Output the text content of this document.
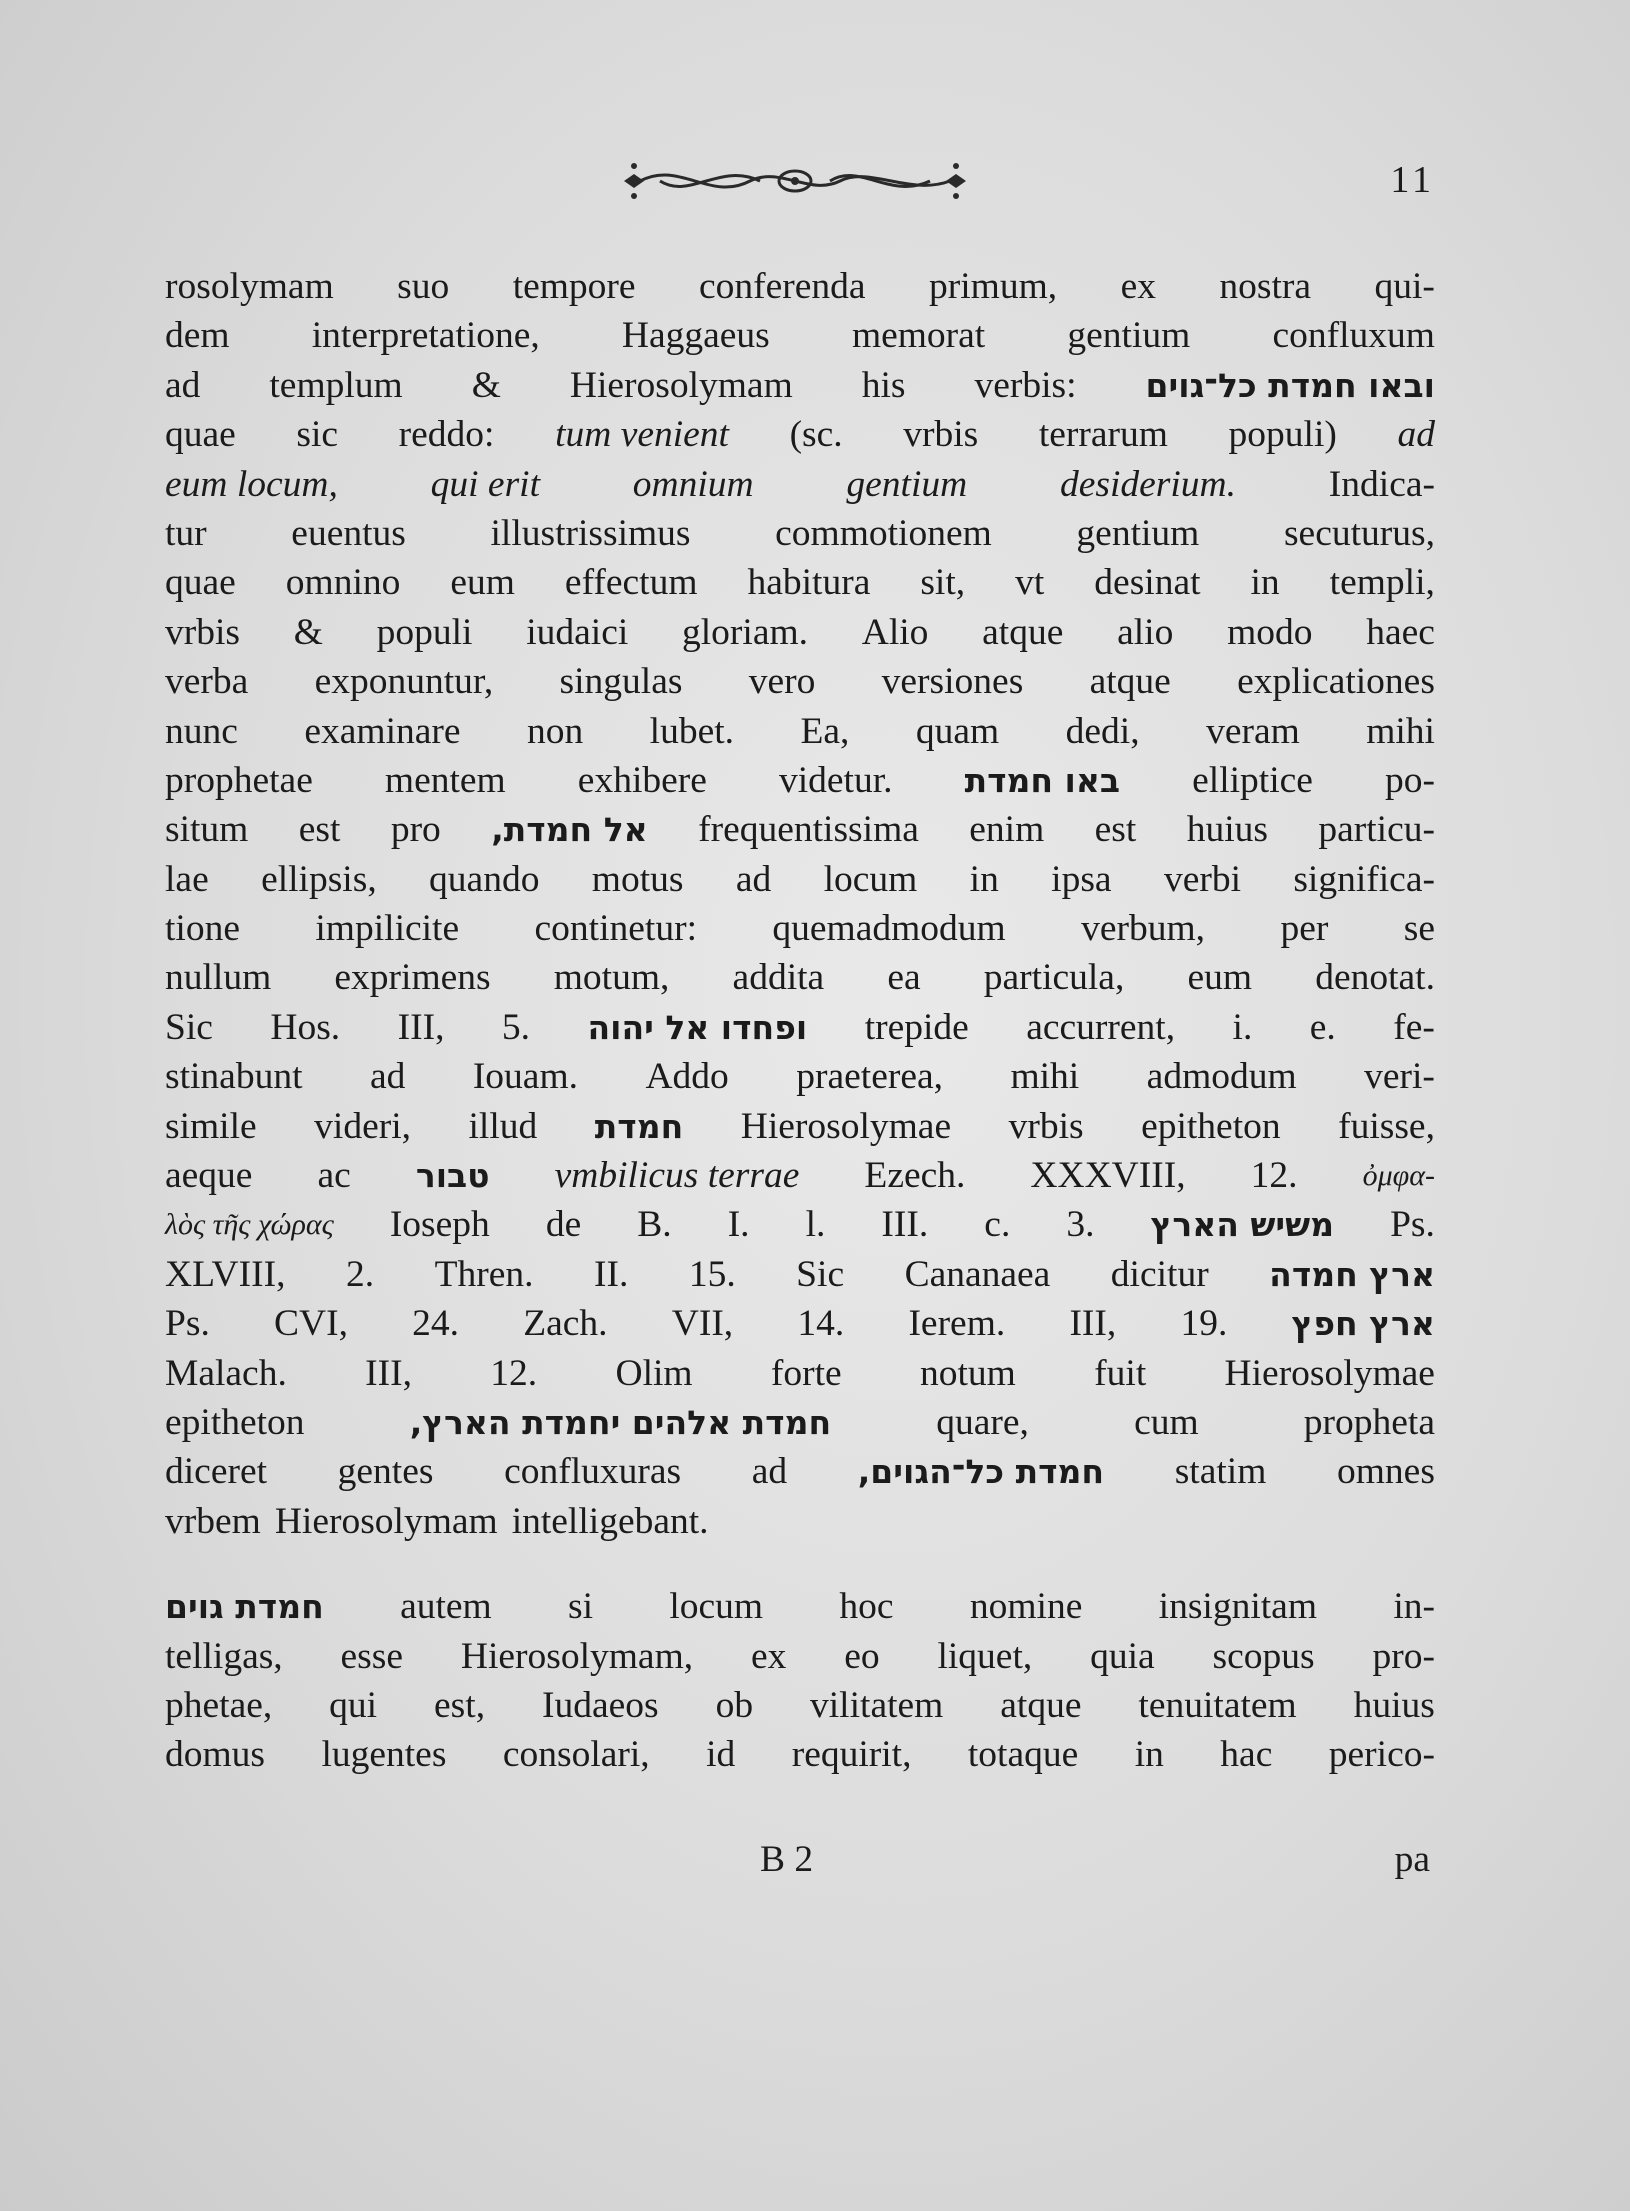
11
rosolymam suo tempore conferenda primum, ex nostra qui-
dem interpretatione, Haggaeus memorat gentium confluxum
ad templum & Hierosolymam his verbis: ובאו חמדת כל־גוים
quae sic reddo: tum venient (sc. vrbis terrarum populi) ad
eum locum, qui erit omnium gentium desiderium. Indica-
tur euentus illustrissimus commotionem gentium secuturus,
quae omnino eum effectum habitura sit, vt desinat in templi,
vrbis & populi iudaici gloriam. Alio atque alio modo haec
verba exponuntur, singulas vero versiones atque explicationes
nunc examinare non lubet. Ea, quam dedi, veram mihi
prophetae mentem exhibere videtur. באו חמדת elliptice po-
situm est pro אל חמדת, frequentissima enim est huius particu-
lae ellipsis, quando motus ad locum in ipsa verbi significa-
tione impilicite continetur: quemadmodum verbum, per se
nullum exprimens motum, addita ea particula, eum denotat.
Sic Hos. III, 5. ופחדו אל יהוה trepide accurrent, i. e. fe-
stinabunt ad Iouam. Addo praeterea, mihi admodum veri-
simile videri, illud חמדת Hierosolymae vrbis epitheton fuisse,
aeque ac טבור vmbilicus terrae Ezech. XXXVIII, 12. ὀμφα-
λὸς τῆς χώρας Ioseph de B. I. l. III. c. 3. משיש הארץ Ps.
XLVIII, 2. Thren. II. 15. Sic Cananaea dicitur ארץ חמדה
Ps. CVI, 24. Zach. VII, 14. Ierem. III, 19. ארץ חפץ
Malach. III, 12. Olim forte notum fuit Hierosolymae
epitheton	חמדת אלהים יחמדת הארץ,	quare,	cum	propheta
diceret gentes confluxuras ad חמדת כל־הגוים, statim omnes
vrbem Hierosolymam intelligebant.
חמדת גוים autem si locum hoc nomine insignitam in-
telligas, esse Hierosolymam, ex eo liquet, quia scopus pro-
phetae, qui est, Iudaeos ob vilitatem atque tenuitatem huius
domus lugentes consolari, id requirit, totaque in hac perico-
B 2	pa
